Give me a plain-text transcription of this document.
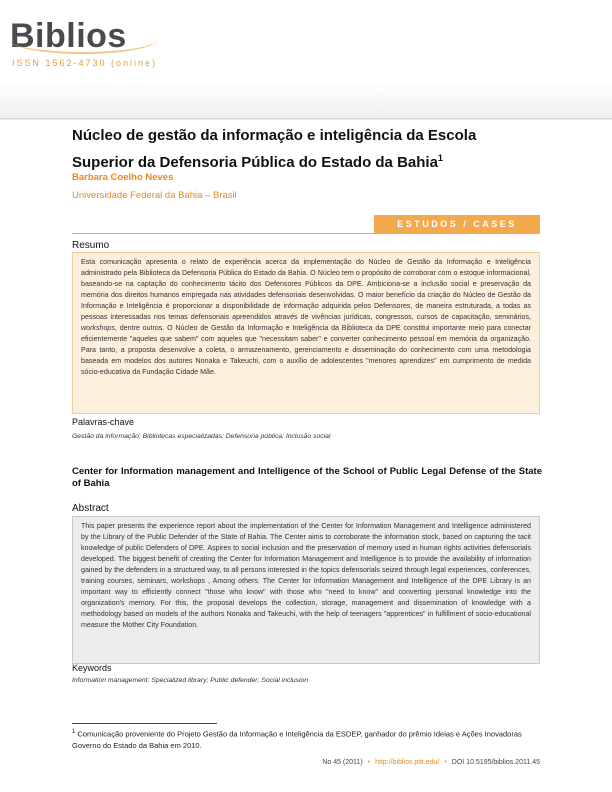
Biblios
ISSN 1562-4730 (online)
Núcleo de gestão da informação e inteligência da Escola Superior da Defensoria Pública do Estado da Bahia$^1$
Barbara Coelho Neves
Universidade Federal da Bahia – Brasil
ESTUDOS / CASES
Resumo
Esta comunicação apresenta o relato de experiência acerca da implementação do Núcleo de Gestão da Informação e Inteligência administrado pela Biblioteca da Defensoria Pública do Estado da Bahia. O Núcleo tem o propósito de corroborar com o estoque informacional, baseando-se na captação do conhecimento tácito dos Defensores Públicos da DPE. Ambiciona-se a inclusão social e preservação da memória dos direitos humanos empregada nas atividades defensoriais desenvolvidas. O maior benefício da criação do Núcleo de Gestão da Informação e Inteligência é proporcionar a disponibilidade de informação adquirida pelos Defensores, de maneira estruturada, a todas as pessoas interessadas nos temas defensoriais apreendidos através de vivências jurídicas, congressos, cursos de capacitação, seminários, workshops, dentre outros. O Núcleo de Gestão da Informação e Inteligência da Biblioteca da DPE constitui importante meio para conectar eficientemente "aqueles que sabem" com aqueles que "necessitam saber" e converter conhecimento pessoal em memória da organização. Para tanto, a proposta desenvolve a coleta, o armazenamento, gerenciamento e disseminação do conhecimento com uma metodologia baseada em modelos dos autores Nonaka e Takeuchi, com o auxílio de adolescentes "menores aprendizes" em cumprimento de medida sócio-educativa da Fundação Cidade Mãe.
Palavras-chave
Gestão da informação; Bibliotecas especializadas; Defensoria pública; Inclusão social
Center for Information management and Intelligence of the School of Public Legal Defense of the State of Bahia
Abstract
This paper presents the experience report about the implementation of the Center for Information Management and Intelligence administered by the Library of the Public Defender of the State of Bahia. The Center aims to corroborate the information stock, based on capturing the tacit knowledge of public Defenders of DPE. Aspires to social inclusion and the preservation of memory used in human rights activities defensorials developed. The biggest benefit of creating the Center for Information Management and Intelligence is to provide the availability of information gained by the defenders in a structured way, to all persons interested in the topics defensorials seized through legal experiences, conferences, training courses, seminars, workshops , Among others. The Center for Information Management and Intelligence of the DPE Library is an important way to efficiently connect "those who know" with those who "need to know" and converting personal knowledge into the organization's memory. For this, the proposal develops the collection, storage, management and dissemination of knowledge with a methodology based on models of the authors Nonaka and Takeuchi, with the help of teenagers "apprentices" in fulfillment of socio-educational measure the Mother City Foundation.
Keywords
Information management; Specialized library; Public defender; Social inclusion
$^1$ Comunicação proveniente do Projeto Gestão da Informação e Inteligência da ESDEP, ganhador do prêmio Ideias e Ações Inovadoras Governo do Estado da Bahia em 2010.
No 45 (2011) • http://biblios.pitt.edu/ • DOI 10.5195/biblios.2011.45
